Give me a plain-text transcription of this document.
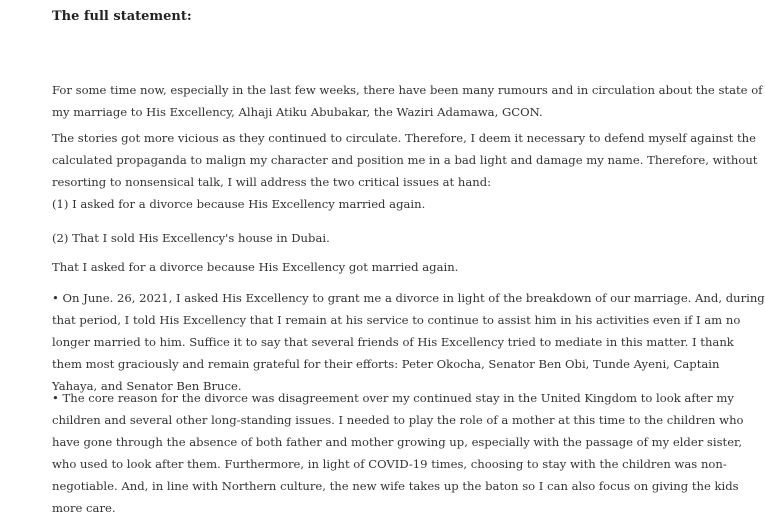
The full statement:

For some time now, especially in the last few weeks, there have been many rumours and in circulation about the state of
my marriage to His Excellency, Alhaji Atiku Abubakar, the Waziri Adamawa, GCON.

The stories got more vicious as they continued to circulate. Therefore, I deem it necessary to defend myself against the
calculated propaganda to malign my character and position me in a bad light and damage my name. Therefore, without
resorting to nonsensical talk, I will address the two critical issues at hand:

(1) I asked for a divorce because His Excellency married again.

(2) That I sold His Excellency's house in Dubai.

That I asked for a divorce because His Excellency got married again.

• On June. 26, 2021, I asked His Excellency to grant me a divorce in light of the breakdown of our marriage. And, during
that period, I told His Excellency that I remain at his service to continue to assist him in his activities even if I am no
longer married to him. Suffice it to say that several friends of His Excellency tried to mediate in this matter. I thank
them most graciously and remain grateful for their efforts: Peter Okocha, Senator Ben Obi, Tunde Ayeni, Captain
Yahaya, and Senator Ben Bruce.

• The core reason for the divorce was disagreement over my continued stay in the United Kingdom to look after my
children and several other long-standing issues. I needed to play the role of a mother at this time to the children who
have gone through the absence of both father and mother growing up, especially with the passage of my elder sister,
who used to look after them. Furthermore, in light of COVID-19 times, choosing to stay with the children was non-
negotiable. And, in line with Northern culture, the new wife takes up the baton so I can also focus on giving the kids
more care.
